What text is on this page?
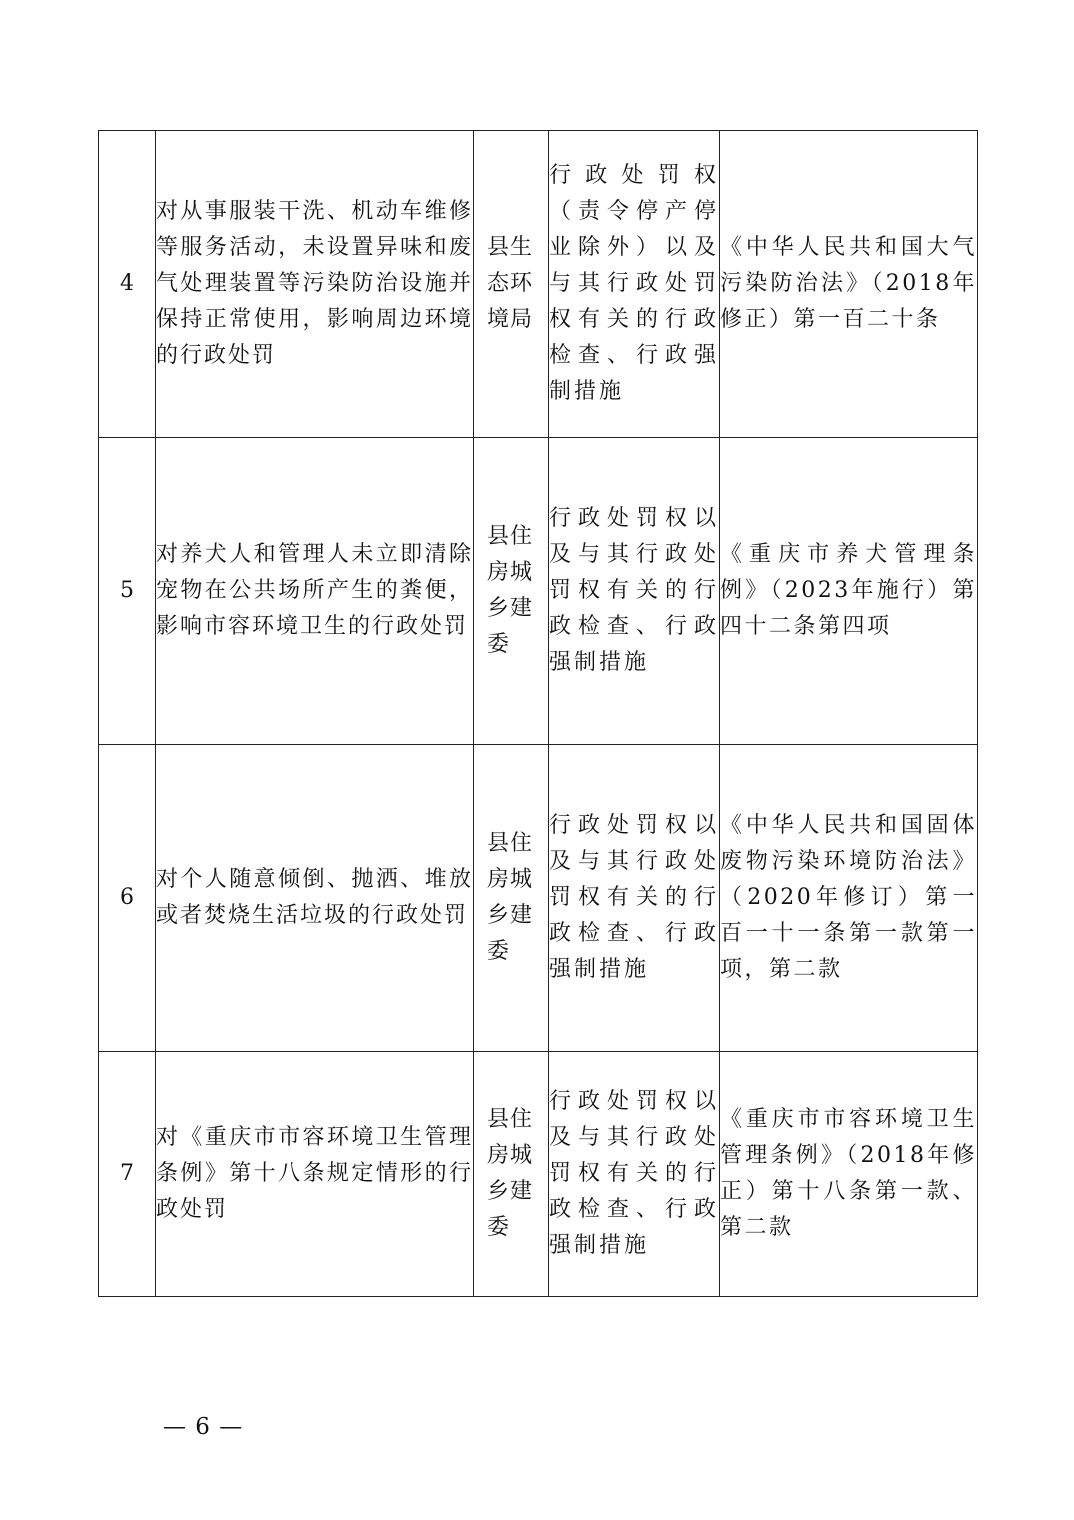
4	对从事服装干洗、机动车维修等服务活动，未设置异味和废气处理装置等污染防治设施并保持正常使用，影响周边环境的行政处罚	县生态环境局	行政处罚权（责令停产停业除外）以及与其行政处罚权有关的行政检查、行政强制措施	《中华人民共和国大气污染防治法》（2018年修正）第一百二十条
5	对养犬人和管理人未立即清除宠物在公共场所产生的粪便，影响市容环境卫生的行政处罚	县住房城乡建委	行政处罚权以及与其行政处罚权有关的行政检查、行政强制措施	《重庆市养犬管理条例》（2023年施行）第四十二条第四项
6	对个人随意倾倒、抛洒、堆放或者焚烧生活垃圾的行政处罚	县住房城乡建委	行政处罚权以及与其行政处罚权有关的行政检查、行政强制措施	《中华人民共和国固体废物污染环境防治法》（2020年修订）第一百一十一条第一款第一项，第二款
7	对《重庆市市容环境卫生管理条例》第十八条规定情形的行政处罚	县住房城乡建委	行政处罚权以及与其行政处罚权有关的行政检查、行政强制措施	《重庆市市容环境卫生管理条例》（2018年修正）第十八条第一款、第二款
— 6 —
